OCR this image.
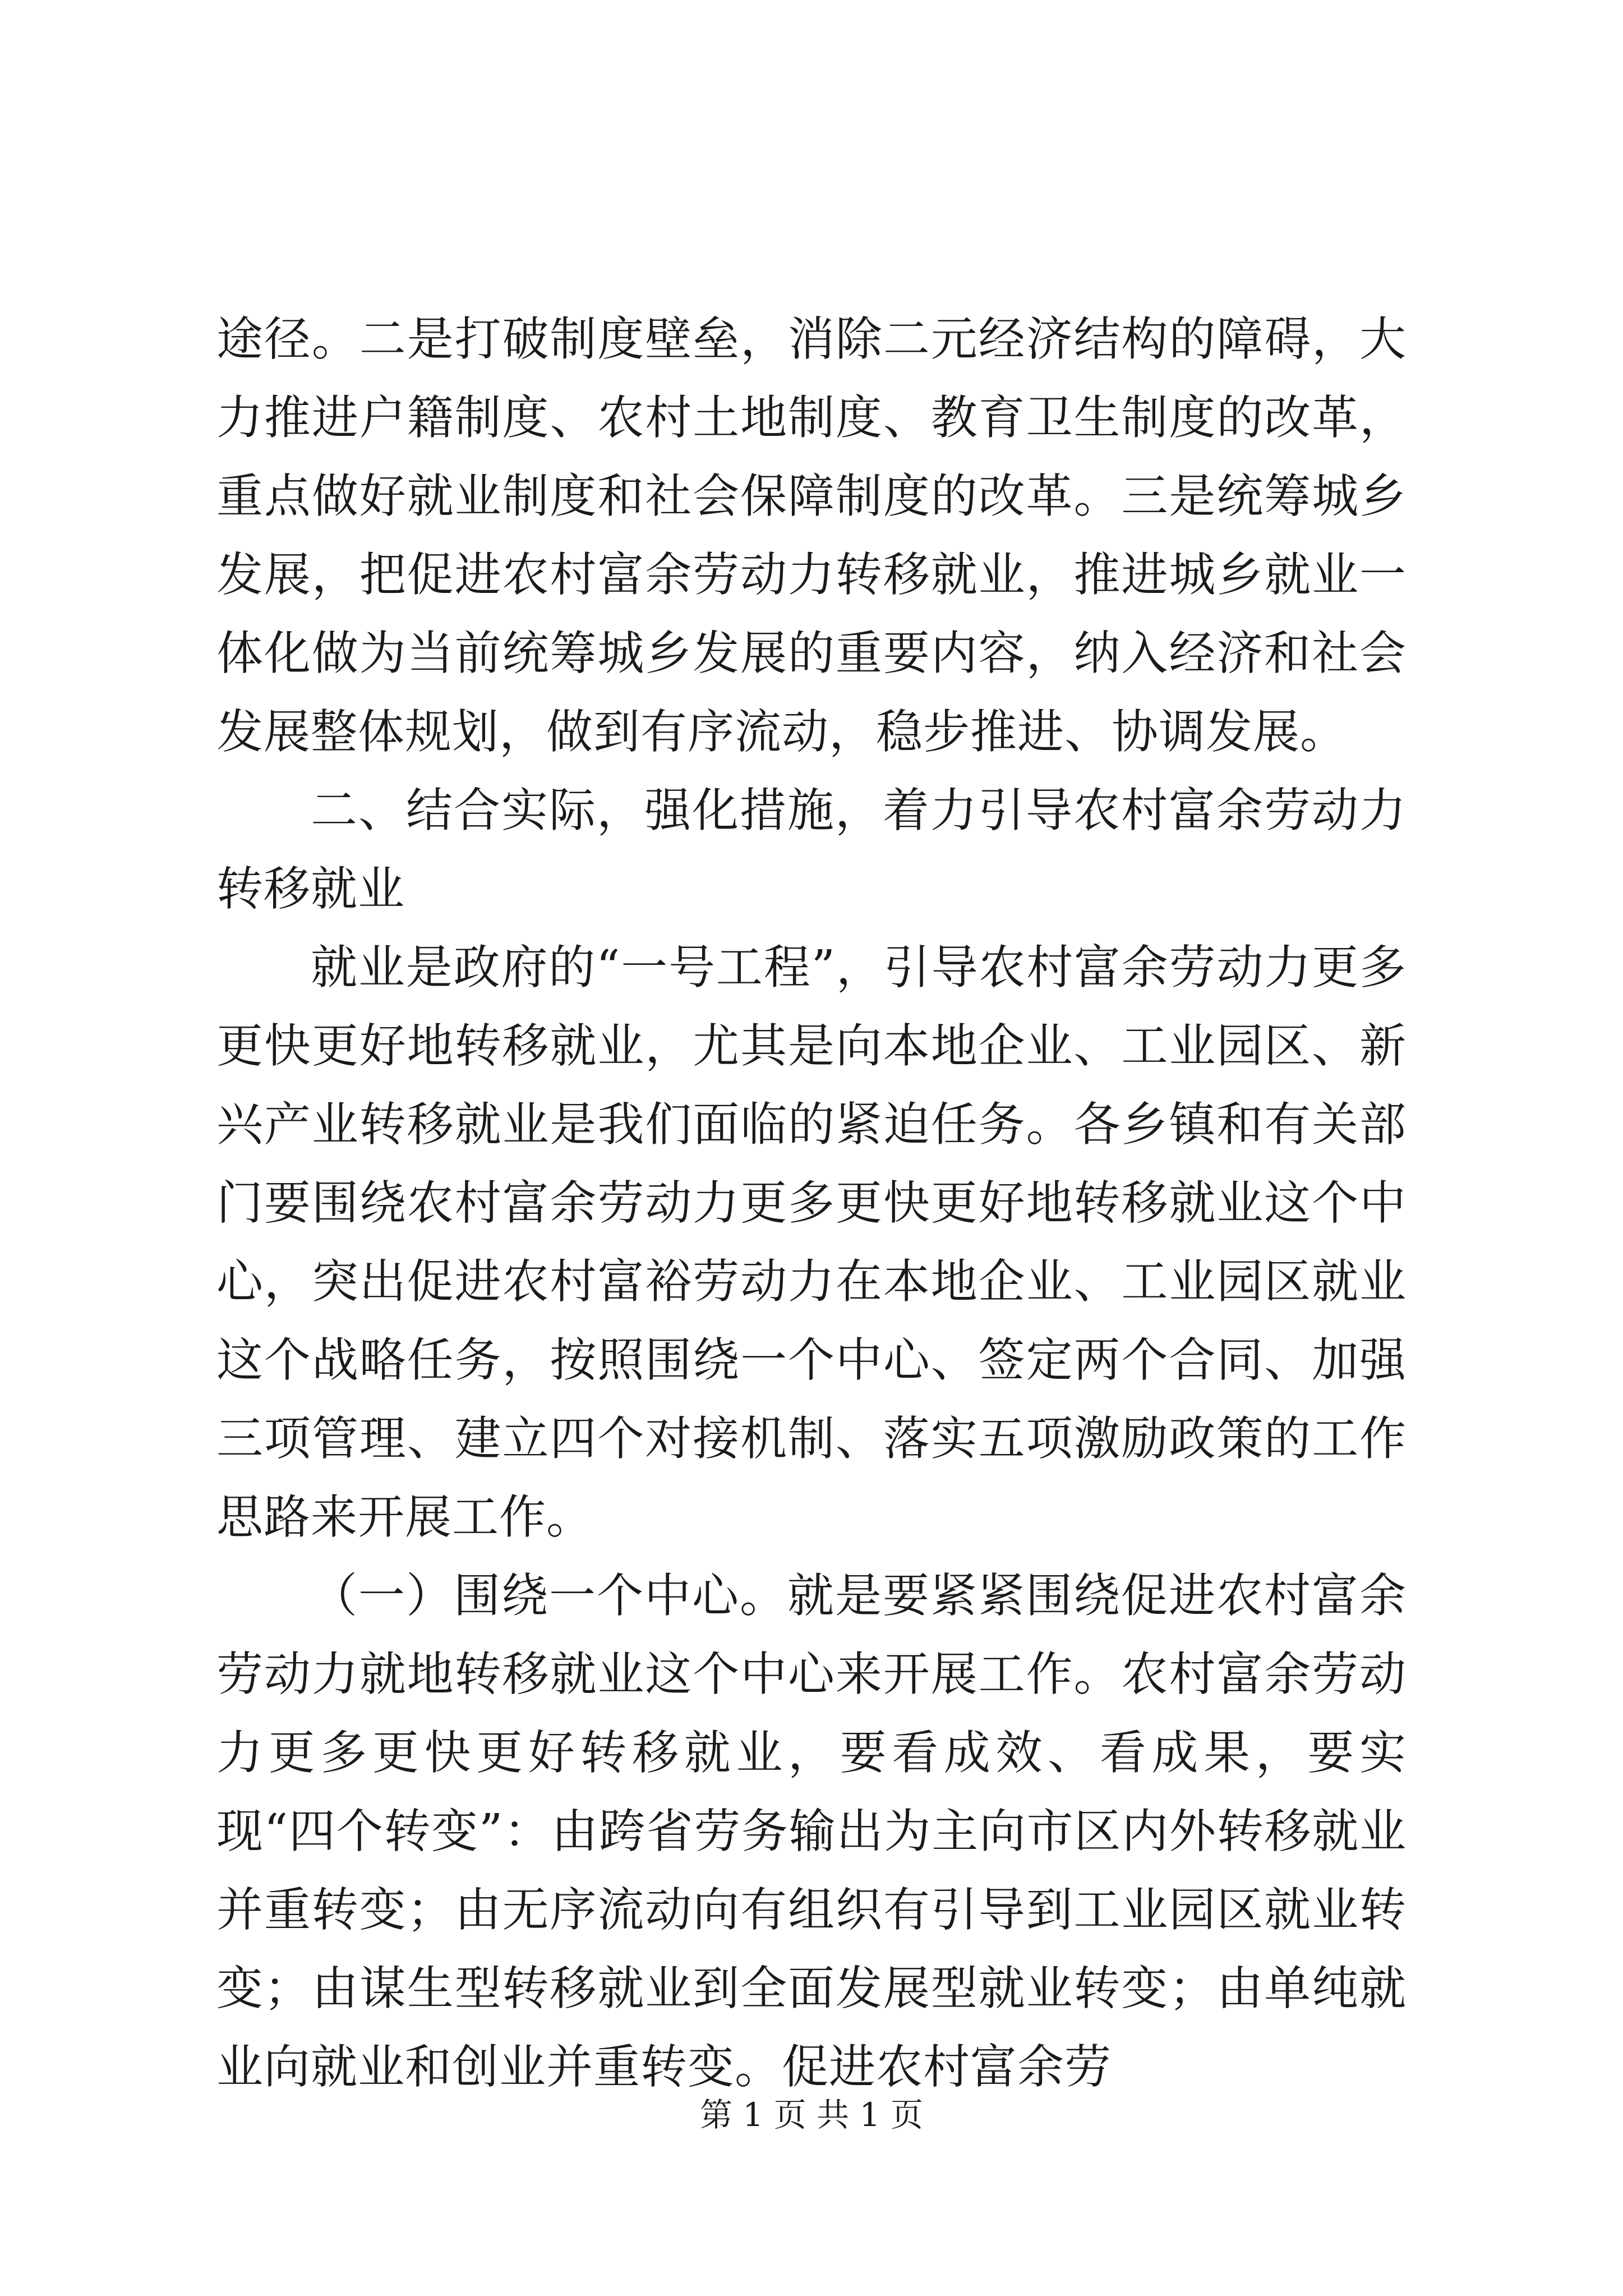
途径。二是打破制度壁垒，消除二元经济结构的障碍，大力推进户籍制度、农村土地制度、教育卫生制度的改革，重点做好就业制度和社会保障制度的改革。三是统筹城乡发展，把促进农村富余劳动力转移就业，推进城乡就业一体化做为当前统筹城乡发展的重要内容，纳入经济和社会发展整体规划，做到有序流动，稳步推进、协调发展。

二、结合实际，强化措施，着力引导农村富余劳动力转移就业

就业是政府的“一号工程”，引导农村富余劳动力更多更快更好地转移就业，尤其是向本地企业、工业园区、新兴产业转移就业是我们面临的紧迫任务。各乡镇和有关部门要围绕农村富余劳动力更多更快更好地转移就业这个中心，突出促进农村富裕劳动力在本地企业、工业园区就业这个战略任务，按照围绕一个中心、签定两个合同、加强三项管理、建立四个对接机制、落实五项激励政策的工作思路来开展工作。

（一）围绕一个中心。就是要紧紧围绕促进农村富余劳动力就地转移就业这个中心来开展工作。农村富余劳动力更多更快更好转移就业，要看成效、看成果，要实现“四个转变”：由跨省劳务输出为主向市区内外转移就业并重转变；由无序流动向有组织有引导到工业园区就业转变；由谋生型转移就业到全面发展型就业转变；由单纯就业向就业和创业并重转变。促进农村富余劳

第 1 页 共 1 页
